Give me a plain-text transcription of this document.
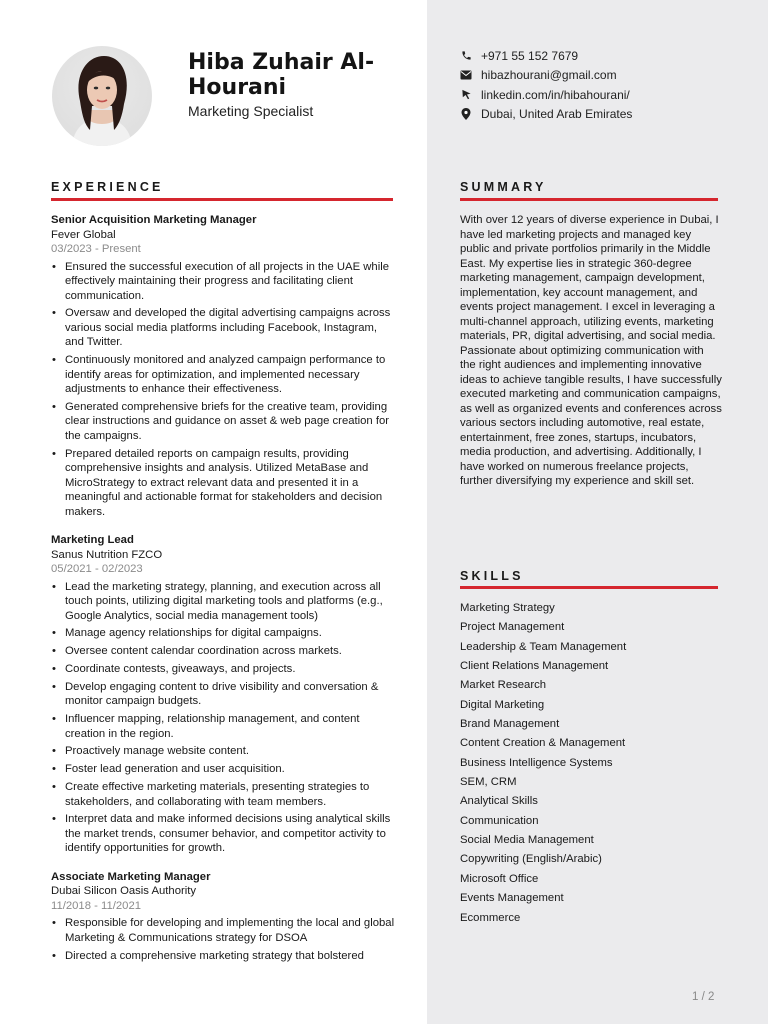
Hiba Zuhair Al-Hourani
Marketing Specialist
+971 55 152 7679
hibazhourani@gmail.com
linkedin.com/in/hibahourani/
Dubai, United Arab Emirates
EXPERIENCE	SUMMARY
SKILLS
Senior Acquisition Marketing Manager
Fever Global
03/2023 - Present
• Ensured the successful execution of all projects in the UAE while effectively maintaining their progress and facilitating client communication.
• Oversaw and developed the digital advertising campaigns across various social media platforms including Facebook, Instagram, and Twitter.
• Continuously monitored and analyzed campaign performance to identify areas for optimization, and implemented necessary adjustments to enhance their effectiveness.
• Generated comprehensive briefs for the creative team, providing clear instructions and guidance on asset & web page creation for the campaigns.
• Prepared detailed reports on campaign results, providing comprehensive insights and analysis. Utilized MetaBase and MicroStrategy to extract relevant data and presented it in a meaningful and actionable format for stakeholders and decision makers.
Marketing Lead
Sanus Nutrition FZCO
05/2021 - 02/2023
• Lead the marketing strategy, planning, and execution across all touch points, utilizing digital marketing tools and platforms (e.g., Google Analytics, social media management tools)
• Manage agency relationships for digital campaigns.
• Oversee content calendar coordination across markets.
• Coordinate contests, giveaways, and projects.
• Develop engaging content to drive visibility and conversation & monitor campaign budgets.
• Influencer mapping, relationship management, and content creation in the region.
• Proactively manage website content.
• Foster lead generation and user acquisition.
• Create effective marketing materials, presenting strategies to stakeholders, and collaborating with team members.
• Interpret data and make informed decisions using analytical skills the market trends, consumer behavior, and competitor activity to identify opportunities for growth.
Associate Marketing Manager
Dubai Silicon Oasis Authority
11/2018 - 11/2021
• Responsible for developing and implementing the local and global Marketing & Communications strategy for DSOA
• Directed a comprehensive marketing strategy that bolstered
With over 12 years of diverse experience in Dubai, I have led marketing projects and managed key public and private portfolios primarily in the Middle East. My expertise lies in strategic 360-degree marketing management, campaign development, implementation, key account management, and events project management. I excel in leveraging a multi-channel approach, utilizing events, marketing materials, PR, digital advertising, and social media. Passionate about optimizing communication with the right audiences and implementing innovative ideas to achieve tangible results, I have successfully executed marketing and communication campaigns, as well as organized events and conferences across various sectors including automotive, real estate, entertainment, free zones, startups, incubators, media production, and advertising. Additionally, I have worked on numerous freelance projects, further diversifying my experience and skill set.
Marketing Strategy
Project Management
Leadership & Team Management
Client Relations Management
Market Research
Digital Marketing
Brand Management
Content Creation & Management
Business Intelligence Systems
SEM, CRM
Analytical Skills
Communication
Social Media Management
Copywriting (English/Arabic)
Microsoft Office
Events Management
Ecommerce
1 / 2
